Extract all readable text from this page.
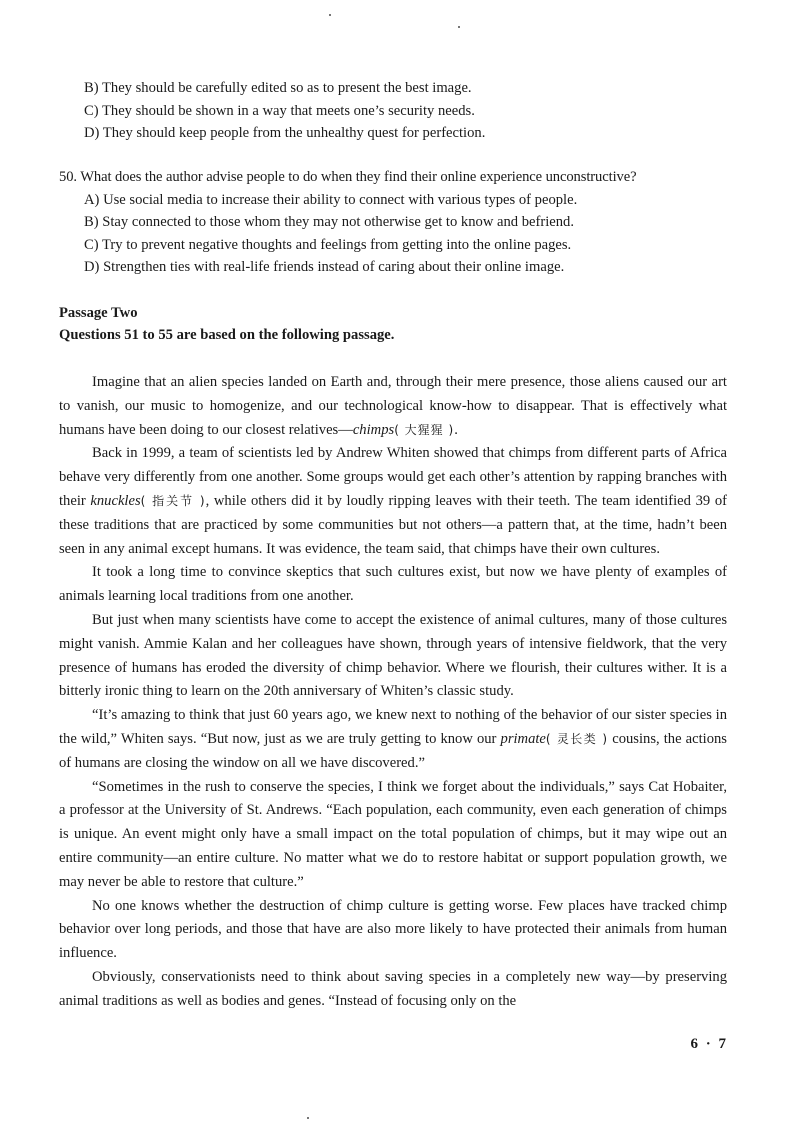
B) They should be carefully edited so as to present the best image.
C) They should be shown in a way that meets one’s security needs.
D) They should keep people from the unhealthy quest for perfection.
50. What does the author advise people to do when they find their online experience unconstructive?
A) Use social media to increase their ability to connect with various types of people.
B) Stay connected to those whom they may not otherwise get to know and befriend.
C) Try to prevent negative thoughts and feelings from getting into the online pages.
D) Strengthen ties with real-life friends instead of caring about their online image.
Passage Two
Questions 51 to 55 are based on the following passage.

Imagine that an alien species landed on Earth and, through their mere presence, those aliens caused our art to vanish, our music to homogenize, and our technological know-how to disappear. That is effectively what humans have been doing to our closest relatives—chimps( 大猩猩 ).

Back in 1999, a team of scientists led by Andrew Whiten showed that chimps from different parts of Africa behave very differently from one another. Some groups would get each other’s attention by rapping branches with their knuckles( 指关节 ), while others did it by loudly ripping leaves with their teeth. The team identified 39 of these traditions that are practiced by some communities but not others—a pattern that, at the time, hadn’t been seen in any animal except humans. It was evidence, the team said, that chimps have their own cultures.

It took a long time to convince skeptics that such cultures exist, but now we have plenty of examples of animals learning local traditions from one another.

But just when many scientists have come to accept the existence of animal cultures, many of those cultures might vanish. Ammie Kalan and her colleagues have shown, through years of intensive fieldwork, that the very presence of humans has eroded the diversity of chimp behavior. Where we flourish, their cultures wither. It is a bitterly ironic thing to learn on the 20th anniversary of Whiten’s classic study.

“It’s amazing to think that just 60 years ago, we knew next to nothing of the behavior of our sister species in the wild,” Whiten says. “But now, just as we are truly getting to know our primate( 灵长类 ) cousins, the actions of humans are closing the window on all we have discovered.”

“Sometimes in the rush to conserve the species, I think we forget about the individuals,” says Cat Hobaiter, a professor at the University of St. Andrews. “Each population, each community, even each generation of chimps is unique. An event might only have a small impact on the total population of chimps, but it may wipe out an entire community—an entire culture. No matter what we do to restore habitat or support population growth, we may never be able to restore that culture.”

No one knows whether the destruction of chimp culture is getting worse. Few places have tracked chimp behavior over long periods, and those that have are also more likely to have protected their animals from human influence.

Obviously, conservationists need to think about saving species in a completely new way—by preserving animal traditions as well as bodies and genes. “Instead of focusing only on the

6 · 7
